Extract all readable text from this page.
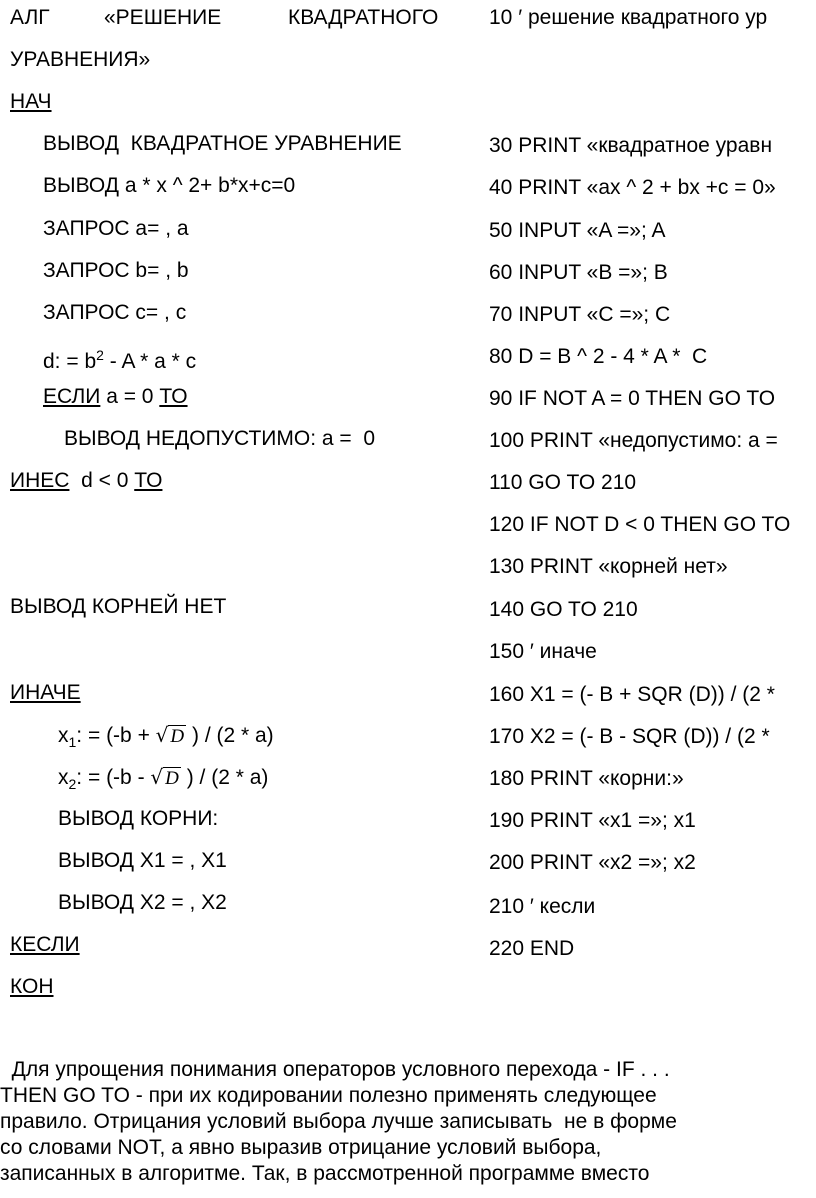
АЛГ	«РЕШЕНИЕ	КВАДРАТНОГО
УРАВНЕНИЯ»
НАЧ
ВЫВОД  КВАДРАТНОЕ УРАВНЕНИЕ
ВЫВОД a * x ^ 2+ b*x+c=0
ЗАПРОС a= , a
ЗАПРОС b= , b
ЗАПРОС c= , c
d: = $b^2$ - A * a * c
ЕСЛИ a = 0 ТО
ВЫВОД НЕДОПУСТИМО: a =  0
ИНЕС  d < 0 ТО
ВЫВОД КОРНЕЙ НЕТ
ИНАЧЕ
$x_1$: = (-b + √ D ) / (2 * a)
$x_2$: = (-b - √ D ) / (2 * a)
ВЫВОД КОРНИ:
ВЫВОД X1 = , X1
ВЫВОД X2 = , X2
КЕСЛИ
КОН
10 ′ решение квадратного ур
30 PRINT «квадратное уравн
40 PRINT «ax ^ 2 + bx +c = 0»
50 INPUT «A =»; A
60 INPUT «B =»; B
70 INPUT «C =»; C
80 D = B ^ 2 - 4 * A *  C
90 IF NOT A = 0 THEN GO TO
100 PRINT «недопустимо: a =
110 GO TO 210
120 IF NOT D < 0 THEN GO TO
130 PRINT «корней нет»
140 GO TO 210
150 ′ иначе
160 X1 = (- B + SQR (D)) / (2 *
170 X2 = (- B - SQR (D)) / (2 *
180 PRINT «корни:»
190 PRINT «x1 =»; x1
200 PRINT «x2 =»; x2
210 ′ кесли
220 END
Для упрощения понимания операторов условного перехода - IF . . .
THEN GO TO - при их кодировании полезно применять следующее
правило. Отрицания условий выбора лучше записывать  не в форме
со словами NOT, а явно выразив отрицание условий выбора,
записанных в алгоритме. Так, в рассмотренной программе вместо
